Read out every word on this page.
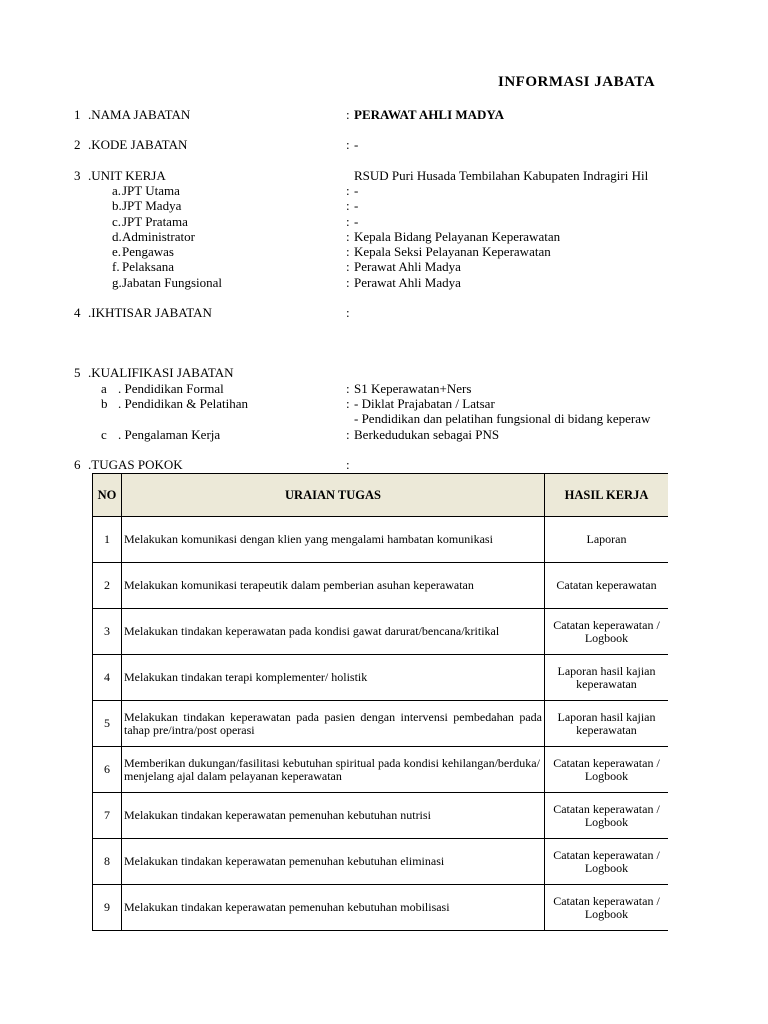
INFORMASI JABATA
1 .NAMA JABATAN	: PERAWAT AHLI MADYA
2 .KODE JABATAN	: -
3 .UNIT KERJA	RSUD Puri Husada Tembilahan Kabupaten Indragiri Hil
a. JPT Utama	: -
b. JPT Madya	: -
c. JPT Pratama	: -
d. Administrator	: Kepala Bidang Pelayanan Keperawatan
e. Pengawas	: Kepala Seksi Pelayanan Keperawatan
f. Pelaksana	: Perawat Ahli Madya
g. Jabatan Fungsional	: Perawat Ahli Madya
4 .IKHTISAR JABATAN	:
5 .KUALIFIKASI JABATAN
a . Pendidikan Formal	: S1 Keperawatan+Ners
b . Pendidikan & Pelatihan	: - Diklat Prajabatan / Latsar
- Pendidikan dan pelatihan fungsional di bidang keperaw
c . Pengalaman Kerja	: Berkedudukan sebagai PNS
6 .TUGAS POKOK	:
NO	URAIAN TUGAS	HASIL KERJA
1	Melakukan komunikasi dengan klien yang mengalami hambatan komunikasi	Laporan
2	Melakukan komunikasi terapeutik dalam pemberian asuhan keperawatan	Catatan keperawatan
3	Melakukan tindakan keperawatan pada kondisi gawat darurat/bencana/kritikal	Catatan keperawatan / Logbook
4	Melakukan tindakan terapi komplementer/ holistik	Laporan hasil kajian keperawatan
5	Melakukan tindakan keperawatan pada pasien dengan intervensi pembedahan pada tahap pre/intra/post operasi	Laporan hasil kajian keperawatan
6	Memberikan dukungan/fasilitasi kebutuhan spiritual pada kondisi kehilangan/berduka/ menjelang ajal dalam pelayanan keperawatan	Catatan keperawatan / Logbook
7	Melakukan tindakan keperawatan pemenuhan kebutuhan nutrisi	Catatan keperawatan / Logbook
8	Melakukan tindakan keperawatan pemenuhan kebutuhan eliminasi	Catatan keperawatan / Logbook
9	Melakukan tindakan keperawatan pemenuhan kebutuhan mobilisasi	Catatan keperawatan / Logbook
